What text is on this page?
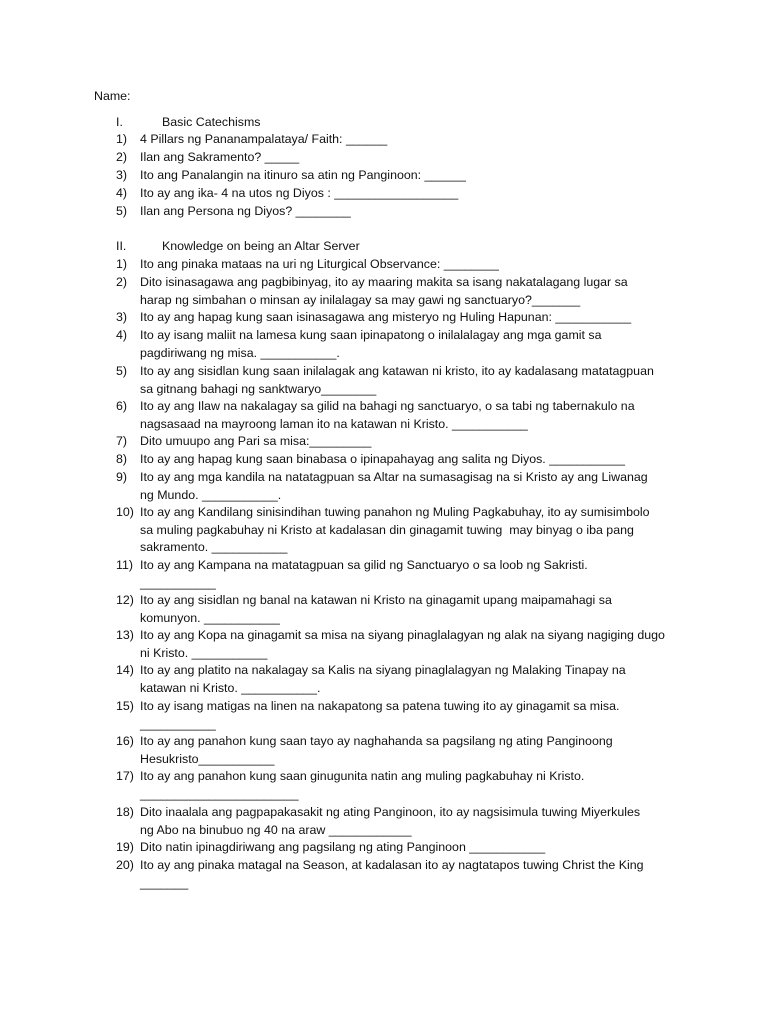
Name:
I.	Basic Catechisms
1)	4 Pillars ng Pananampalataya/ Faith: ______
2)	Ilan ang Sakramento? _____
3)	Ito ang Panalangin na itinuro sa atin ng Panginoon: ______
4)	Ito ay ang ika- 4 na utos ng Diyos : __________________
5)	Ilan ang Persona ng Diyos? ________
II.	Knowledge on being an Altar Server
1)	Ito ang pinaka mataas na uri ng Liturgical Observance: ________
2)	Dito isinasagawa ang pagbibinyag, ito ay maaring makita sa isang nakatalagang lugar sa
harap ng simbahan o minsan ay inilalagay sa may gawi ng sanctuaryo?_______
3)	Ito ay ang hapag kung saan isinasagawa ang misteryo ng Huling Hapunan: ___________
4)	Ito ay isang maliit na lamesa kung saan ipinapatong o inilalalagay ang mga gamit sa
pagdiriwang ng misa. ___________.
5)	Ito ay ang sisidlan kung saan inilalagak ang katawan ni kristo, ito ay kadalasang matatagpuan
sa gitnang bahagi ng sanktwaryo________
6)	Ito ay ang Ilaw na nakalagay sa gilid na bahagi ng sanctuaryo, o sa tabi ng tabernakulo na
nagsasaad na mayroong laman ito na katawan ni Kristo. ___________
7)	Dito umuupo ang Pari sa misa:_________
8)	Ito ay ang hapag kung saan binabasa o ipinapahayag ang salita ng Diyos. ___________
9)	Ito ay ang mga kandila na natatagpuan sa Altar na sumasagisag na si Kristo ay ang Liwanag
ng Mundo. ___________.
10) Ito ay ang Kandilang sinisindihan tuwing panahon ng Muling Pagkabuhay, ito ay sumisimbolo
sa muling pagkabuhay ni Kristo at kadalasan din ginagamit tuwing  may binyag o iba pang
sakramento. ___________
11) Ito ay ang Kampana na matatagpuan sa gilid ng Sanctuaryo o sa loob ng Sakristi.
___________
12) Ito ay ang sisidlan ng banal na katawan ni Kristo na ginagamit upang maipamahagi sa
komunyon. ___________
13) Ito ay ang Kopa na ginagamit sa misa na siyang pinaglalagyan ng alak na siyang nagiging dugo
ni Kristo. ___________
14) Ito ay ang platito na nakalagay sa Kalis na siyang pinaglalagyan ng Malaking Tinapay na
katawan ni Kristo. ___________.
15) Ito ay isang matigas na linen na nakapatong sa patena tuwing ito ay ginagamit sa misa.
___________
16) Ito ay ang panahon kung saan tayo ay naghahanda sa pagsilang ng ating Panginoong
Hesukristo___________
17) Ito ay ang panahon kung saan ginugunita natin ang muling pagkabuhay ni Kristo.
_______________________
18) Dito inaalala ang pagpapakasakit ng ating Panginoon, ito ay nagsisimula tuwing Miyerkules
ng Abo na binubuo ng 40 na araw ____________
19) Dito natin ipinagdiriwang ang pagsilang ng ating Panginoon ___________
20) Ito ay ang pinaka matagal na Season, at kadalasan ito ay nagtatapos tuwing Christ the King
_______
